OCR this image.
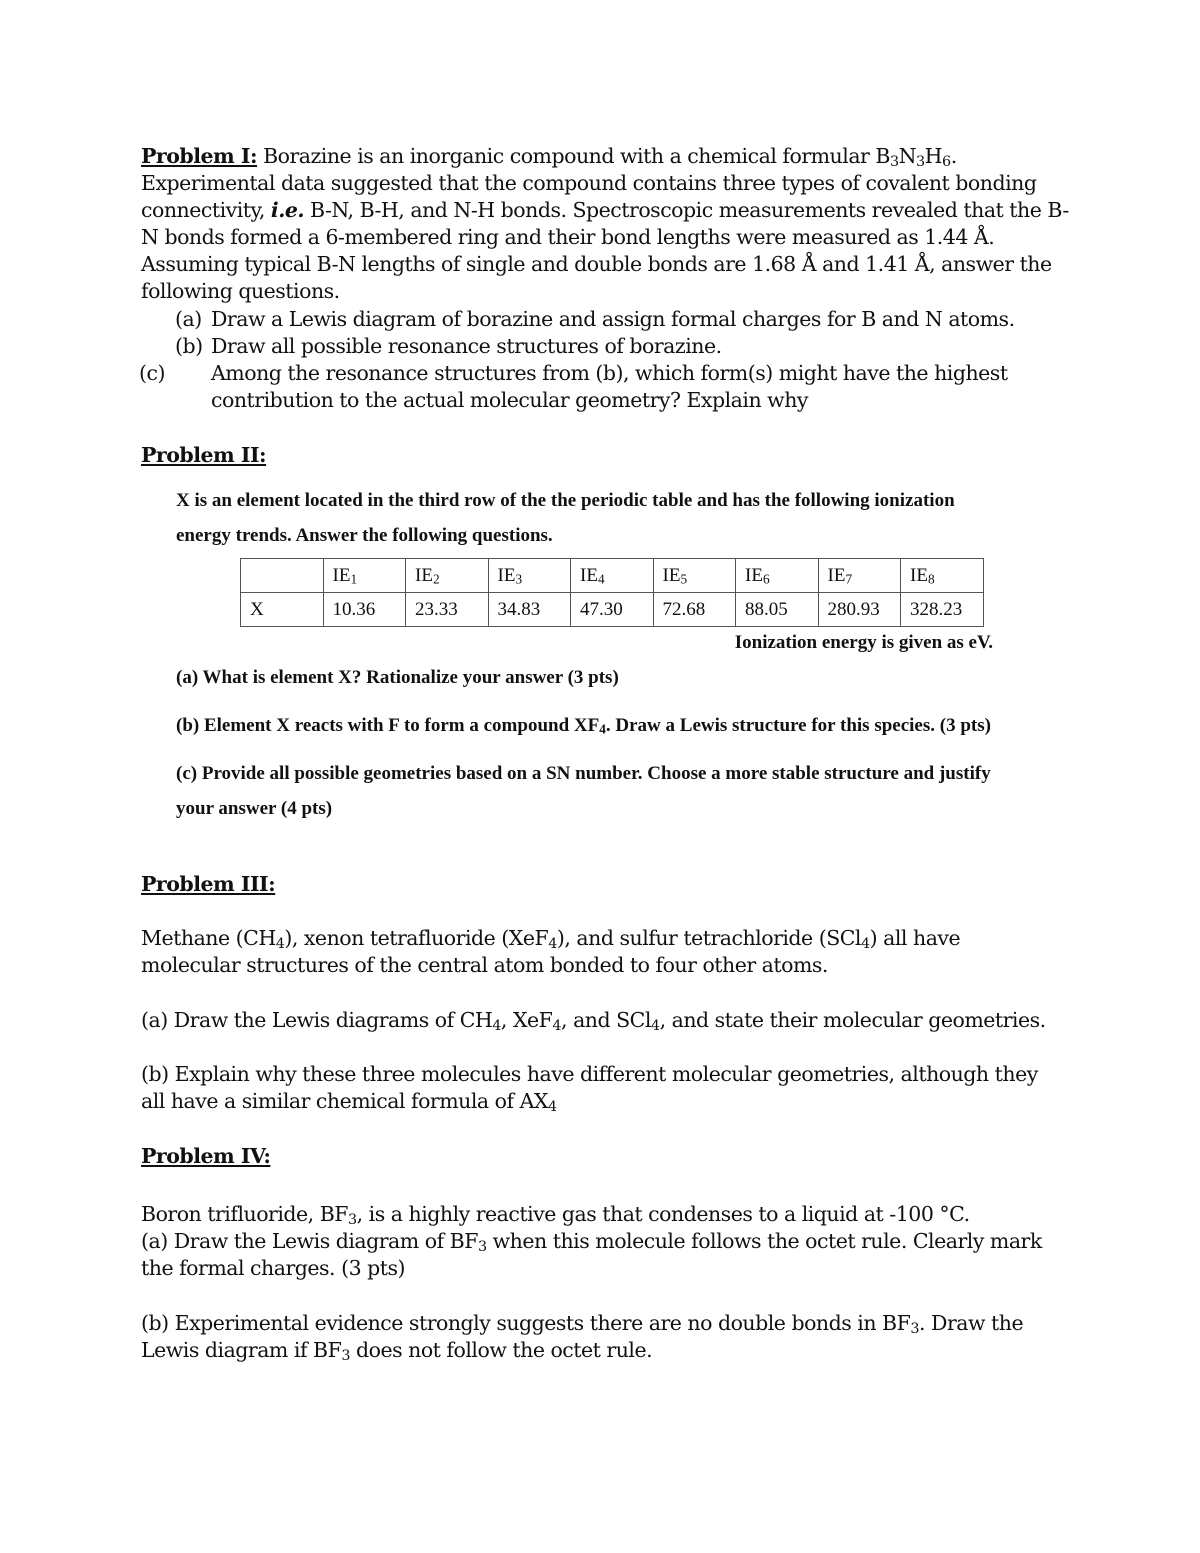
Problem I: Borazine is an inorganic compound with a chemical formular $B_3N_3H_6$. Experimental data suggested that the compound contains three types of covalent bonding connectivity, i.e. B-N, B-H, and N-H bonds. Spectroscopic measurements revealed that the B-N bonds formed a 6-membered ring and their bond lengths were measured as 1.44 Å. Assuming typical B-N lengths of single and double bonds are 1.68 Å and 1.41 Å, answer the following questions.

(a) Draw a Lewis diagram of borazine and assign formal charges for B and N atoms.

(b) Draw all possible resonance structures of borazine.

(c) Among the resonance structures from (b), which form(s) might have the highest contribution to the actual molecular geometry? Explain why

Problem II:

X is an element located in the third row of the the periodic table and has the following ionization

energy trends. Answer the following questions.

	$IE_1$	$IE_2$	$IE_3$	$IE_4$	$IE_5$	$IE_6$	$IE_7$	$IE_8$
X	10.36	23.33	34.83	47.30	72.68	88.05	280.93	328.23

Ionization energy is given as eV.

(a) What is element X? Rationalize your answer (3 pts)

(b) Element X reacts with F to form a compound $XF_4$. Draw a Lewis structure for this species. (3 pts)

(c) Provide all possible geometries based on a SN number. Choose a more stable structure and justify

your answer (4 pts)

Problem III:

Methane $(CH_4)$, xenon tetrafluoride (XeF$_4$), and sulfur tetrachloride (SCl$_4$) all have molecular structures of the central atom bonded to four other atoms.

(a) Draw the Lewis diagrams of $CH_4$, XeF$_4$, and SCl$_4$, and state their molecular geometries.

(b) Explain why these three molecules have different molecular geometries, although they all have a similar chemical formula of $AX_4$

Problem IV:

Boron trifluoride, $BF_3$, is a highly reactive gas that condenses to a liquid at -100 °C.

(a) Draw the Lewis diagram of $BF_3$ when this molecule follows the octet rule. Clearly mark the formal charges. (3 pts)

(b) Experimental evidence strongly suggests there are no double bonds in $BF_3$. Draw the Lewis diagram if $BF_3$ does not follow the octet rule.
